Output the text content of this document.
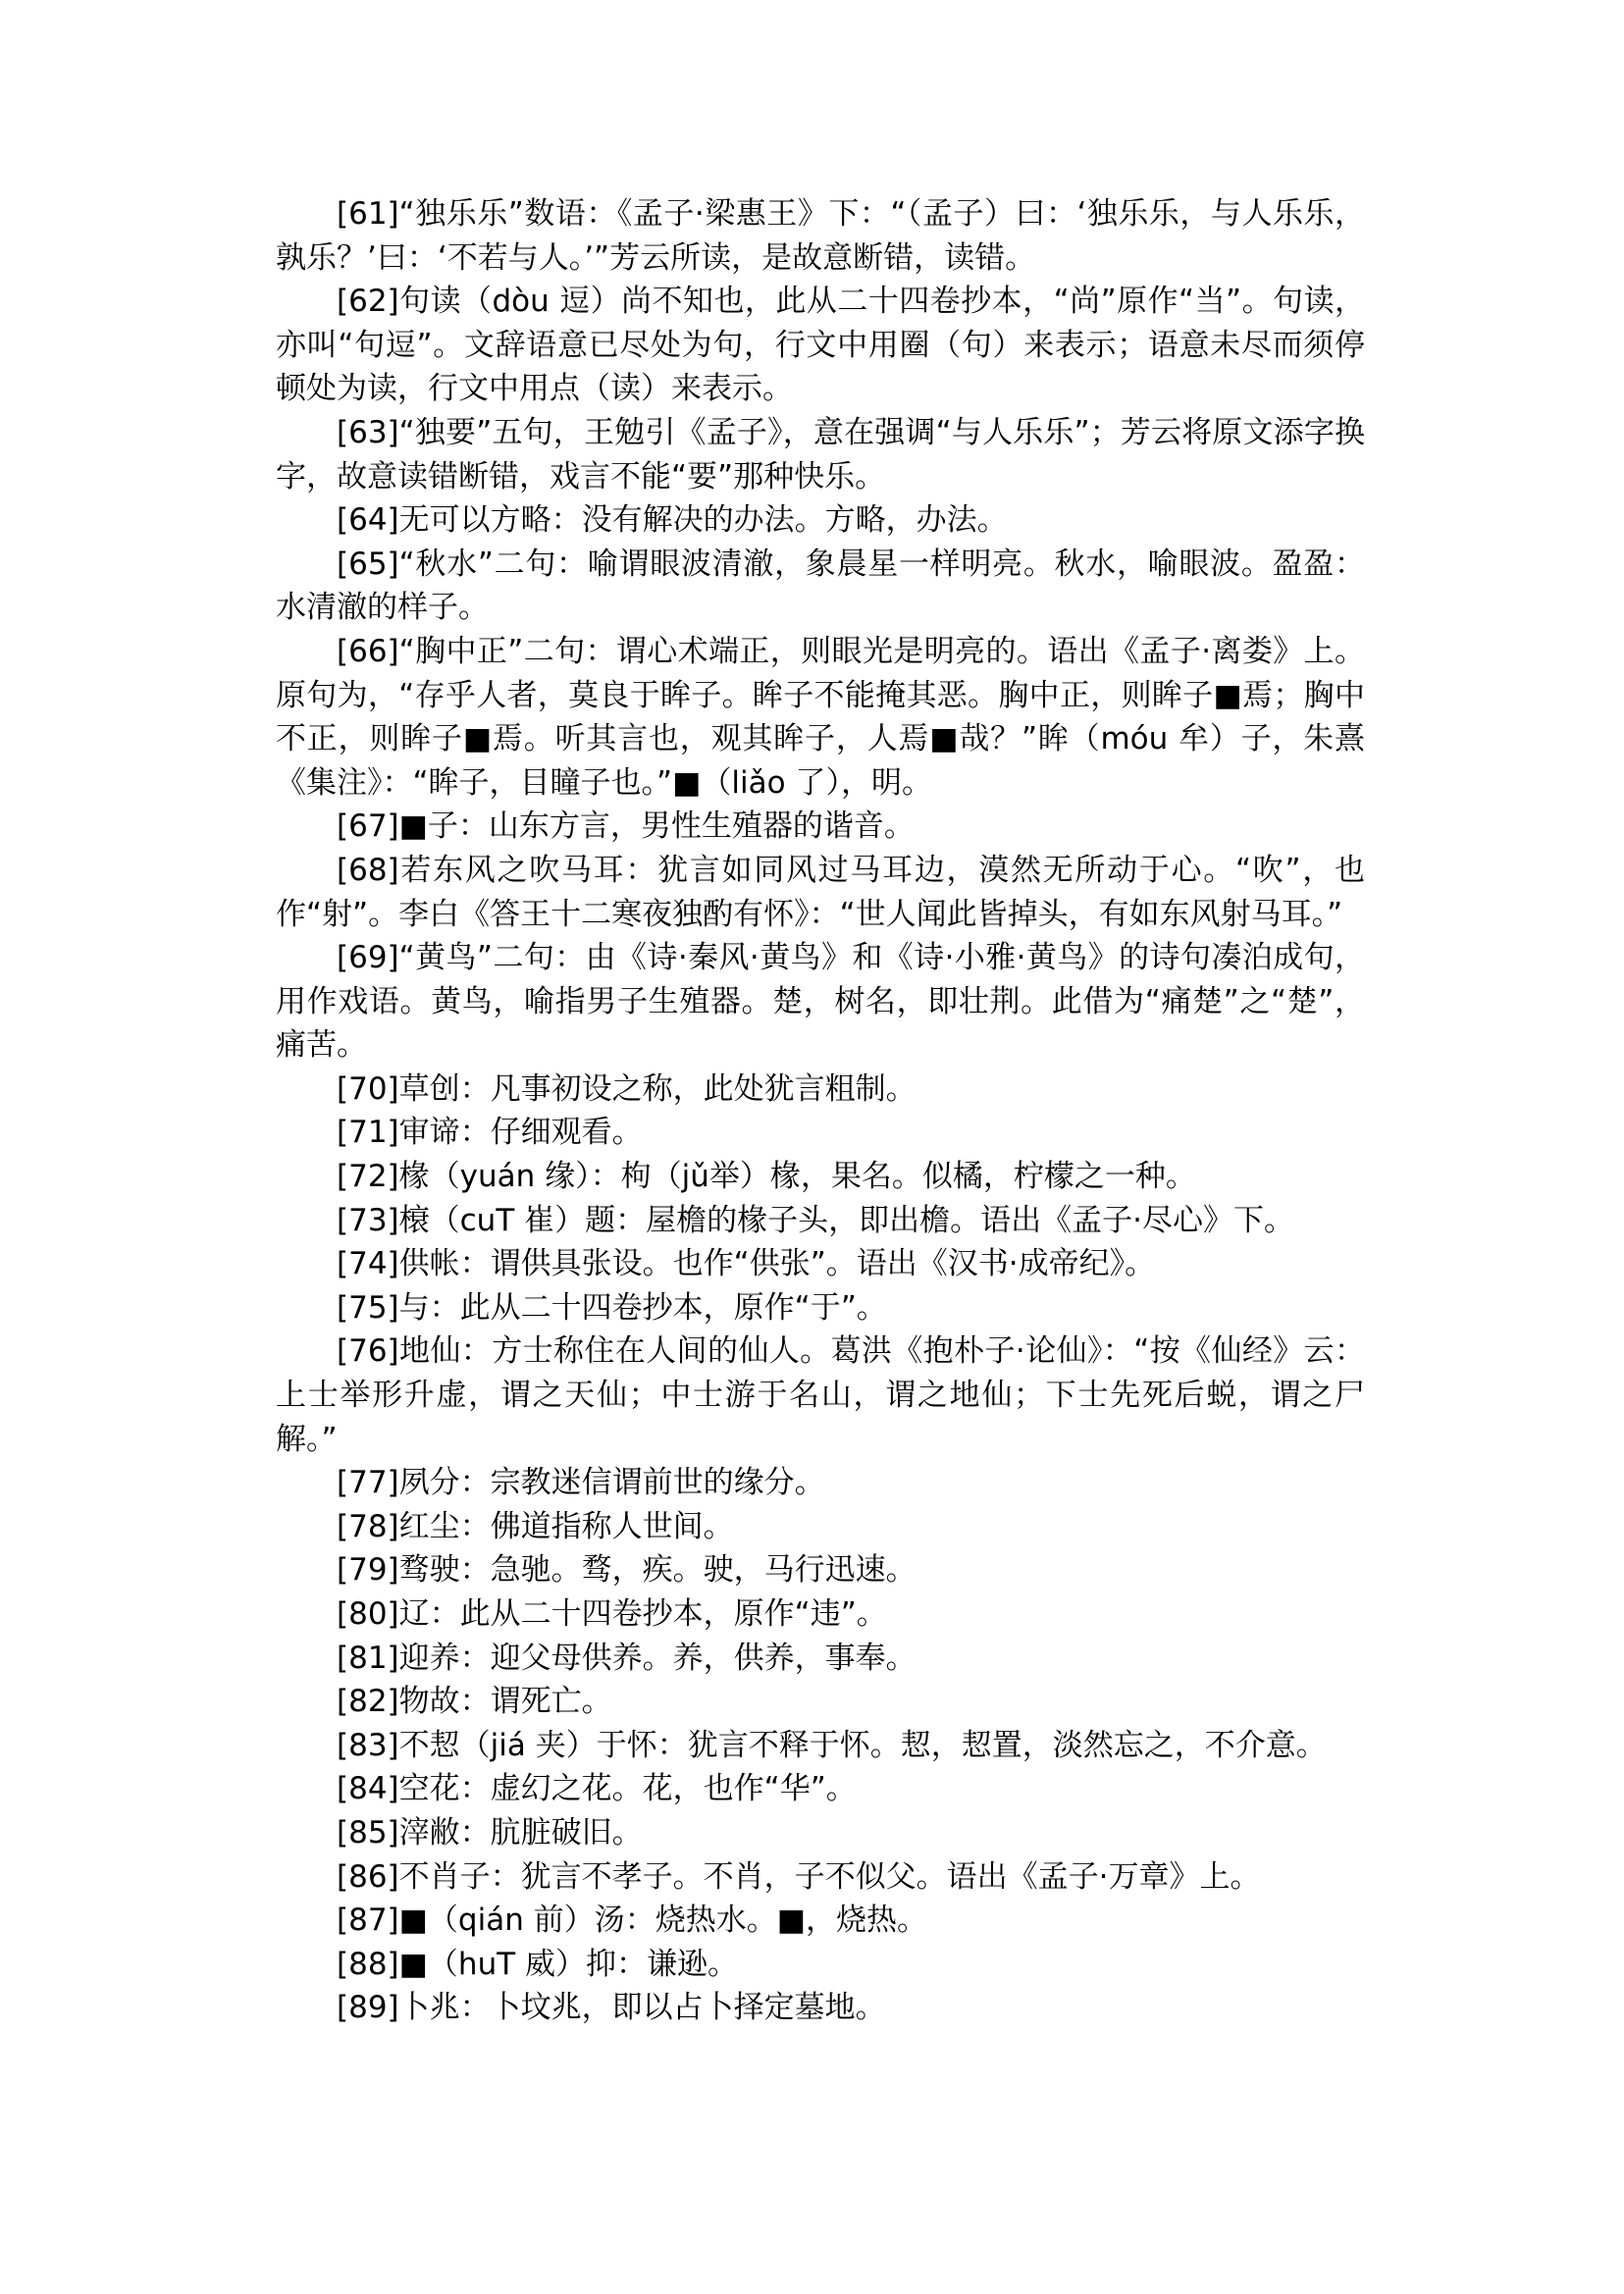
[61]“独乐乐”数语：《孟子·梁惠王》下：“（孟子）曰：‘独乐乐，与人乐乐，孰乐？’曰：‘不若与人。’”芳云所读，是故意断错，读错。

[62]句读（dòu 逗）尚不知也，此从二十四卷抄本，“尚”原作“当”。句读，亦叫“句逗”。文辞语意已尽处为句，行文中用圈（句）来表示；语意未尽而须停顿处为读，行文中用点（读）来表示。

[63]“独要”五句，王勉引《孟子》，意在强调“与人乐乐”；芳云将原文添字换字，故意读错断错，戏言不能“要”那种快乐。

[64]无可以方略：没有解决的办法。方略，办法。

[65]“秋水”二句：喻谓眼波清澈，象晨星一样明亮。秋水，喻眼波。盈盈：水清澈的样子。

[66]“胸中正”二句：谓心术端正，则眼光是明亮的。语出《孟子·离娄》上。原句为，“存乎人者，莫良于眸子。眸子不能掩其恶。胸中正，则眸子■焉；胸中不正，则眸子■焉。听其言也，观其眸子，人焉■哉？”眸（móu 牟）子，朱熹《集注》：“眸子，目瞳子也。”■（liǎo 了），明。

[67]■子：山东方言，男性生殖器的谐音。

[68]若东风之吹马耳：犹言如同风过马耳边，漠然无所动于心。“吹”，也作“射”。李白《答王十二寒夜独酌有怀》：“世人闻此皆掉头，有如东风射马耳。”

[69]“黄鸟”二句：由《诗·秦风·黄鸟》和《诗·小雅·黄鸟》的诗句凑泊成句，用作戏语。黄鸟，喻指男子生殖器。楚，树名，即壮荆。此借为“痛楚”之“楚”，痛苦。

[70]草创：凡事初设之称，此处犹言粗制。

[71]审谛：仔细观看。

[72]椽（yuán 缘）：枸（jǔ举）椽，果名。似橘，柠檬之一种。

[73]榱（cuT 崔）题：屋檐的椽子头，即出檐。语出《孟子·尽心》下。

[74]供帐：谓供具张设。也作“供张”。语出《汉书·成帝纪》。

[75]与：此从二十四卷抄本，原作“于”。

[76]地仙：方士称住在人间的仙人。葛洪《抱朴子·论仙》：“按《仙经》云：上士举形升虚，谓之天仙；中士游于名山，谓之地仙；下士先死后蜕，谓之尸解。”

[77]夙分：宗教迷信谓前世的缘分。

[78]红尘：佛道指称人世间。

[79]骛驶：急驰。骛，疾。驶，马行迅速。

[80]辽：此从二十四卷抄本，原作“违”。

[81]迎养：迎父母供养。养，供养，事奉。

[82]物故：谓死亡。

[83]不恝（jiá 夹）于怀：犹言不释于怀。恝，恝置，淡然忘之，不介意。

[84]空花：虚幻之花。花，也作“华”。

[85]滓敝：肮脏破旧。

[86]不肖子：犹言不孝子。不肖，子不似父。语出《孟子·万章》上。

[87]■（qián 前）汤：烧热水。■，烧热。

[88]■（huT 威）抑：谦逊。

[89]卜兆：卜坟兆，即以占卜择定墓地。
